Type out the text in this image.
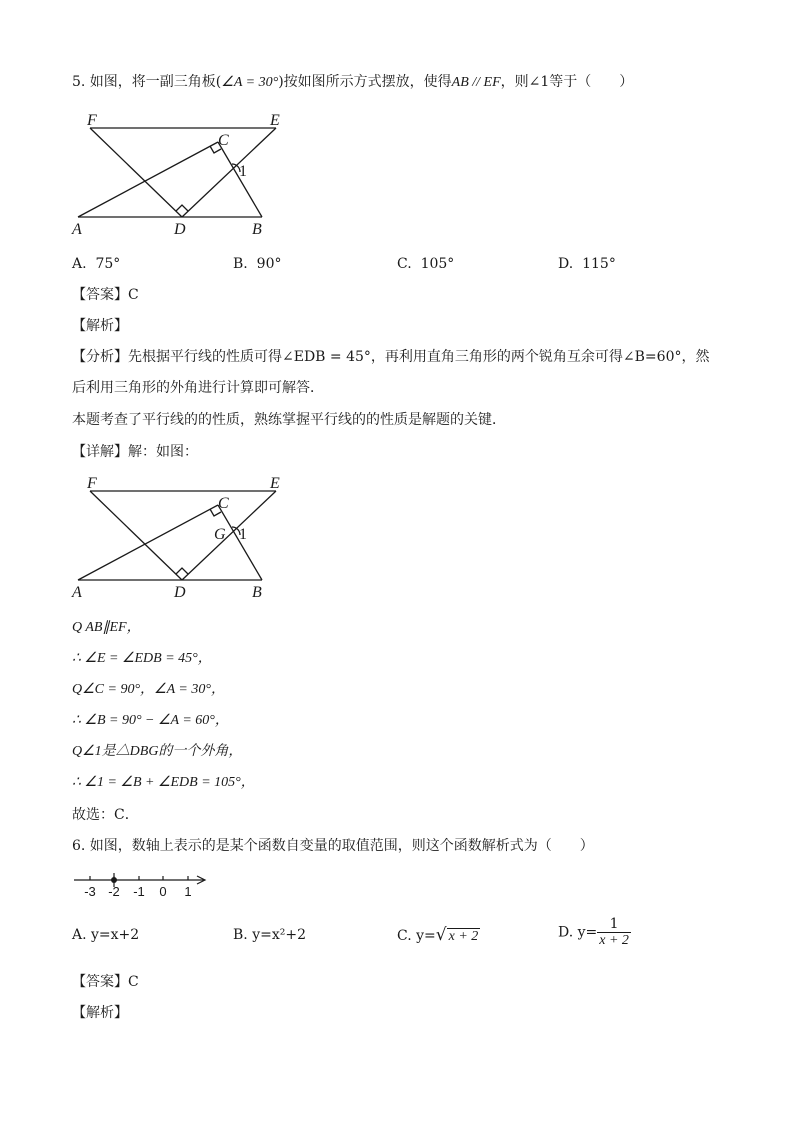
5. 如图，将一副三角板(∠A = 30°)按如图所示方式摆放，使得AB // EF，则∠1等于（　　）
F	E
C
1
A	D	B
A. 75°	B. 90°	C. 105°	D. 115°
【答案】C
【解析】
【分析】先根据平行线的性质可得∠EDB = 45°，再利用直角三角形的两个锐角互余可得∠B=60°，然
后利用三角形的外角进行计算即可解答．
本题考查了平行线的的性质，熟练掌握平行线的的性质是解题的关键．
【详解】解：如图：
F	E
C
G 1
A	D	B
Q AB∥EF，
∴ ∠E = ∠EDB = 45°，
Q∠C = 90°，∠A = 30°，
∴ ∠B = 90° − ∠A = 60°，
Q∠1是△DBG的一个外角，
∴ ∠1 = ∠B + ∠EDB = 105°，
故选：C．
6. 如图，数轴上表示的是某个函数自变量的取值范围，则这个函数解析式为（　　）
-3 -2 -1 0 1
A. y=x+2	B. y=x²+2	C. y=√ x + 2	D. $y= \frac{1}{x + 2}$
【答案】C
【解析】
